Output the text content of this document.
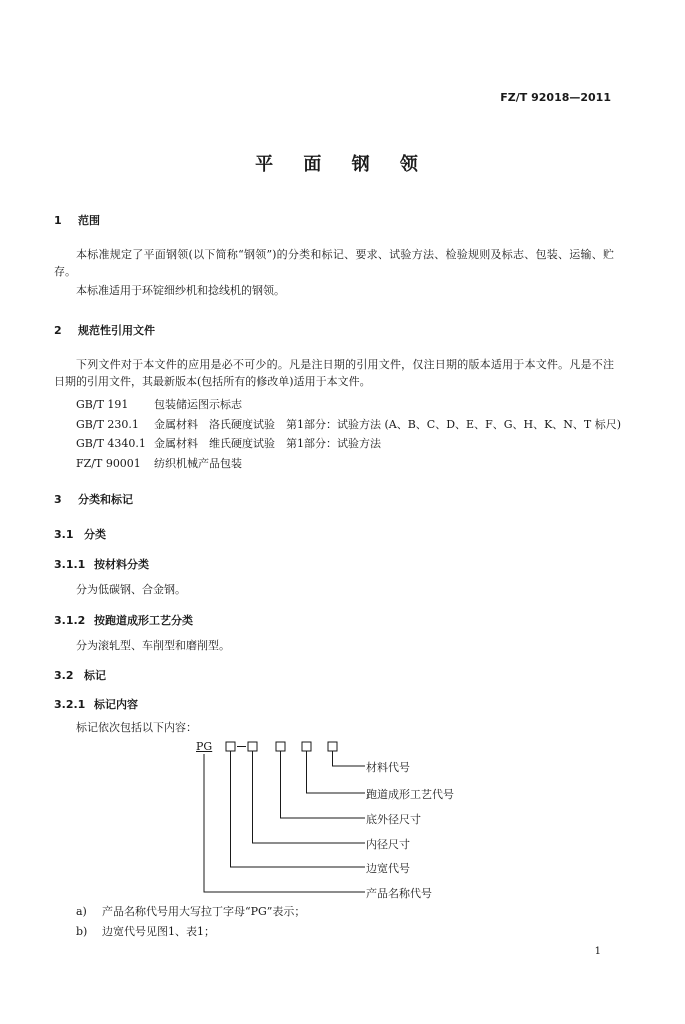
FZ/T 92018—2011
平 面 钢 领
1 范围
本标准规定了平面钢领(以下简称“钢领”)的分类和标记、要求、试验方法、检验规则及标志、包装、运输、贮存。
本标准适用于环锭细纱机和捻线机的钢领。
2 规范性引用文件
下列文件对于本文件的应用是必不可少的。凡是注日期的引用文件，仅注日期的版本适用于本文件。凡是不注日期的引用文件，其最新版本(包括所有的修改单)适用于本文件。
GB/T 191 包装储运图示标志
GB/T 230.1 金属材料　洛氏硬度试验　第1部分：试验方法 (A、B、C、D、E、F、G、H、K、N、T 标尺)
GB/T 4340.1 金属材料　维氏硬度试验　第1部分：试验方法
FZ/T 90001 纺织机械产品包装
3 分类和标记
3.1 分类
3.1.1 按材料分类
分为低碳钢、合金钢。
3.1.2 按跑道成形工艺分类
分为滚轧型、车削型和磨削型。
3.2 标记
3.2.1 标记内容
标记依次包括以下内容：
PG
材料代号
跑道成形工艺代号
底外径尺寸
内径尺寸
边宽代号
产品名称代号
a) 产品名称代号用大写拉丁字母“PG”表示；
b) 边宽代号见图1、表1；
1
